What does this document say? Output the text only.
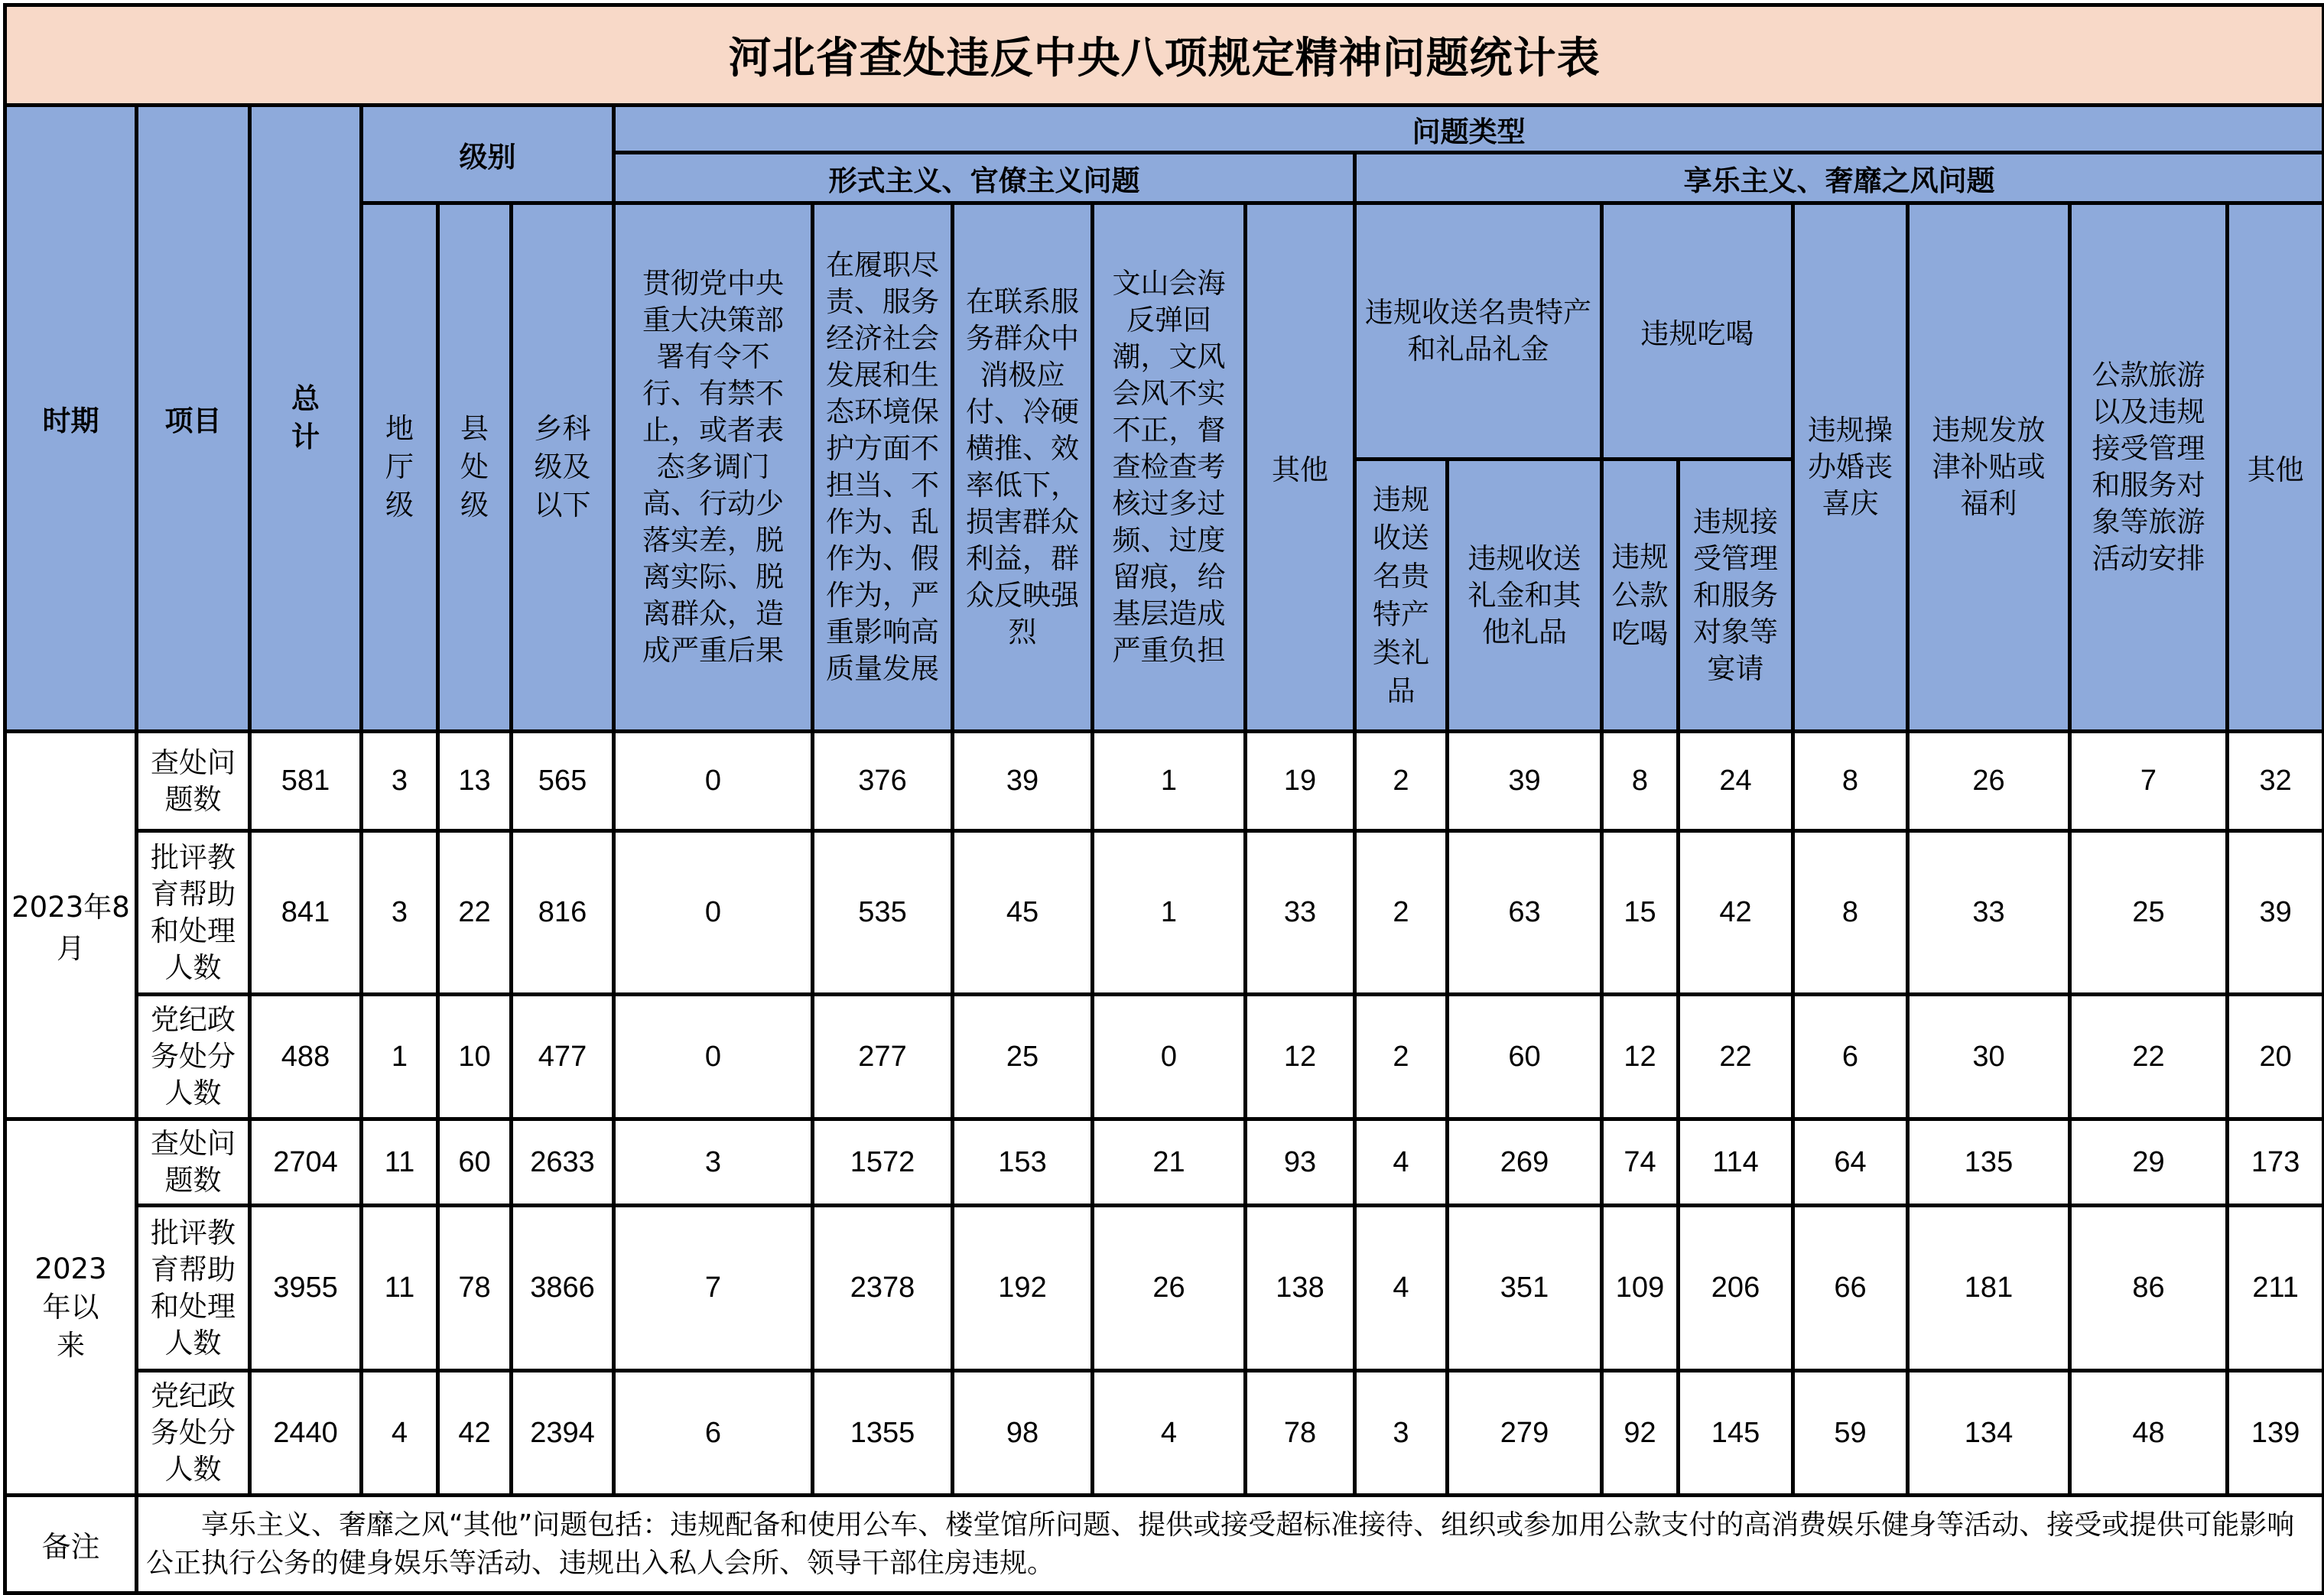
河北省查处违反中央八项规定精神问题统计表																		
时期	项目	总计	级别			问题类型												
						形式主义、官僚主义问题					享乐主义、奢靡之风问题							
			地厅级	县处级	乡科级及以下	贯彻党中央重大决策部署有令不行、有禁不止，或者表态多调门高、行动少落实差，脱离实际、脱离群众，造成严重后果	在履职尽责、服务经济社会发展和生态环境保护方面不担当、不作为、乱作为、假作为，严重影响高质量发展	在联系服务群众中消极应付、冷硬横推、效率低下，损害群众利益，群众反映强烈	文山会海反弹回潮，文风会风不实不正，督查检查考核过多过频、过度留痕，给基层造成严重负担	其他	违规收送名贵特产和礼品礼金		违规吃喝		违规操办婚丧喜庆	违规发放津补贴或福利	公款旅游以及违规接受管理和服务对象等旅游活动安排	其他
											违规收送名贵特产类礼品	违规收送礼金和其他礼品	违规公款吃喝	违规接受管理和服务对象等宴请				

2023年8月	查处问题数	581	3	13	565	0	376	39	1	19	2	39	8	24	8	26	7	32
	批评教育帮助和处理人数	841	3	22	816	0	535	45	1	33	2	63	15	42	8	33	25	39
	党纪政务处分人数	488	1	10	477	0	277	25	0	12	2	60	12	22	6	30	22	20
2023年以来	查处问题数	2704	11	60	2633	3	1572	153	21	93	4	269	74	114	64	135	29	173
	批评教育帮助和处理人数	3955	11	78	3866	7	2378	192	26	138	4	351	109	206	66	181	86	211
	党纪政务处分人数	2440	4	42	2394	6	1355	98	4	78	3	279	92	145	59	134	48	139
备注	享乐主义、奢靡之风“其他”问题包括：违规配备和使用公车、楼堂馆所问题、提供或接受超标准接待、组织或参加用公款支付的高消费娱乐健身等活动、接受或提供可能影响公正执行公务的健身娱乐等活动、违规出入私人会所、领导干部住房违规。																	
